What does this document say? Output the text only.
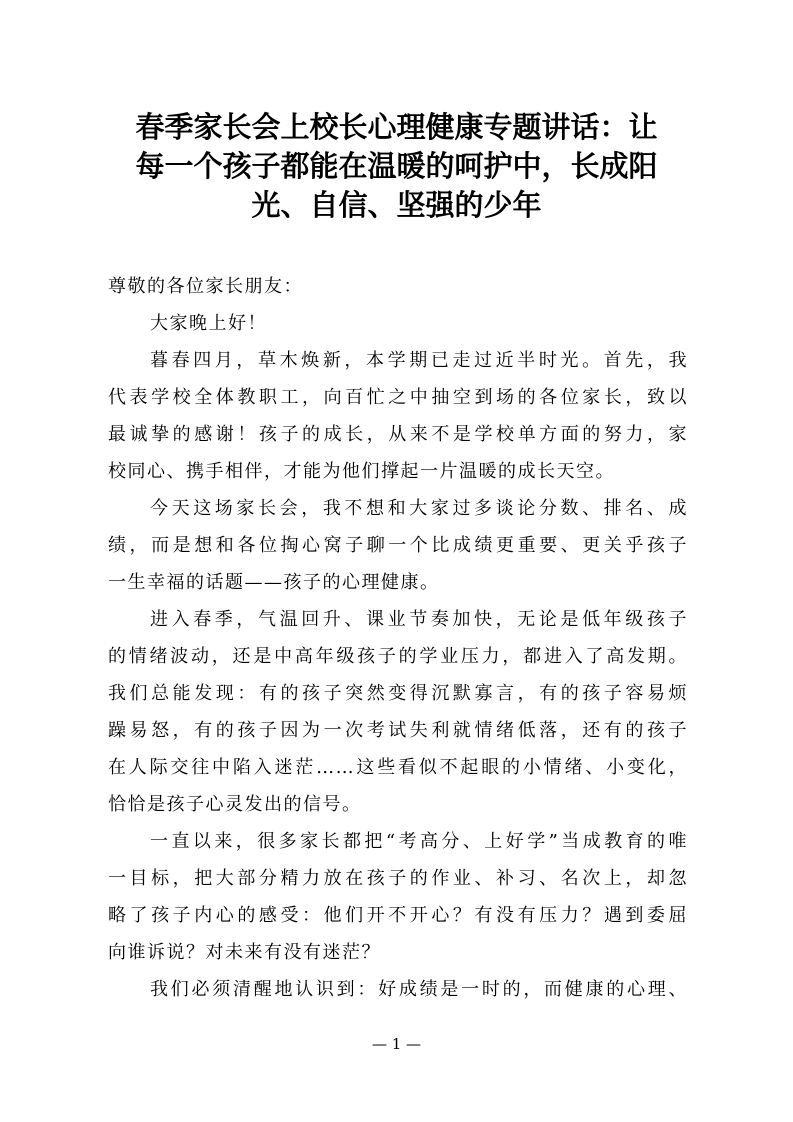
春季家长会上校长心理健康专题讲话：让
每一个孩子都能在温暖的呵护中，长成阳
光、自信、坚强的少年
尊敬的各位家长朋友：
大家晚上好！
暮春四月，草木焕新，本学期已走过近半时光。首先，我
代表学校全体教职工，向百忙之中抽空到场的各位家长，致以
最诚挚的感谢！孩子的成长，从来不是学校单方面的努力，家
校同心、携手相伴，才能为他们撑起一片温暖的成长天空。
今天这场家长会，我不想和大家过多谈论分数、排名、成
绩，而是想和各位掏心窝子聊一个比成绩更重要、更关乎孩子
一生幸福的话题——孩子的心理健康。
进入春季，气温回升、课业节奏加快，无论是低年级孩子
的情绪波动，还是中高年级孩子的学业压力，都进入了高发期。
我们总能发现：有的孩子突然变得沉默寡言，有的孩子容易烦
躁易怒，有的孩子因为一次考试失利就情绪低落，还有的孩子
在人际交往中陷入迷茫……这些看似不起眼的小情绪、小变化，
恰恰是孩子心灵发出的信号。
一直以来，很多家长都把“考高分、上好学”当成教育的唯
一目标，把大部分精力放在孩子的作业、补习、名次上，却忽
略了孩子内心的感受：他们开不开心？有没有压力？遇到委屈
向谁诉说？对未来有没有迷茫？
我们必须清醒地认识到：好成绩是一时的，而健康的心理、
— 1 —
